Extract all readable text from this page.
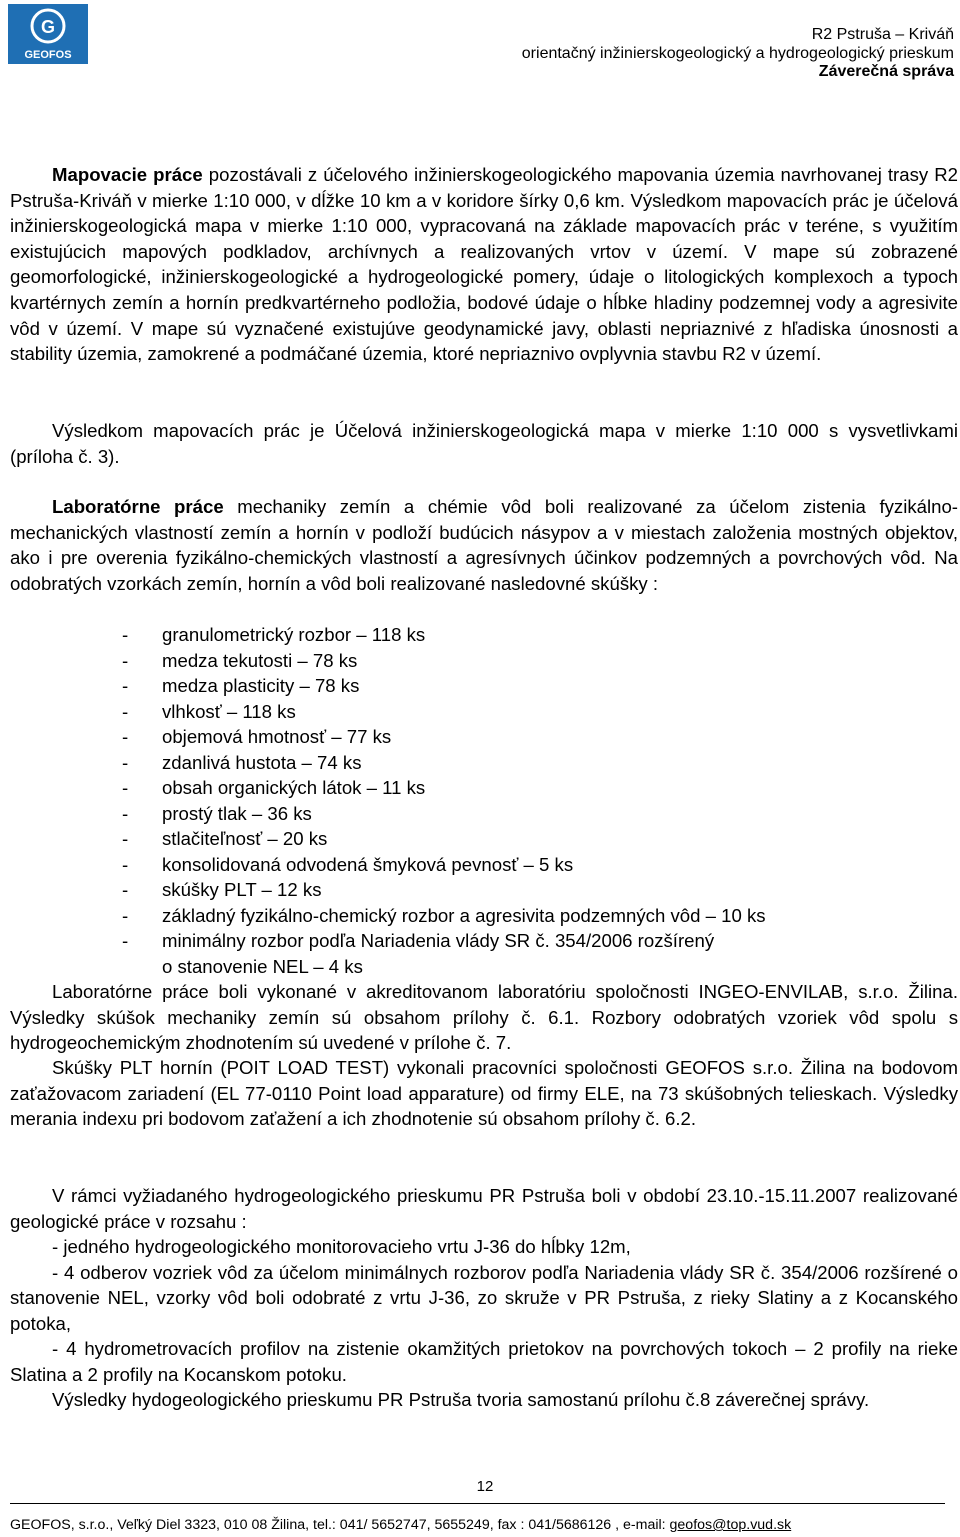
G
GEOFOS
R2 Pstruša – Kriváň
orientačný inžinierskogeologický a hydrogeologický prieskum
Záverečná správa
Mapovacie práce pozostávali z účelového inžinierskogeologického mapovania územia navrhovanej trasy R2 Pstruša-Kriváň v mierke 1:10 000, v dĺžke 10 km a v koridore šírky 0,6 km. Výsledkom mapovacích prác je účelová inžinierskogeologická mapa v mierke 1:10 000, vypracovaná na základe mapovacích prác v teréne, s využitím existujúcich mapových podkladov, archívnych a realizovaných vrtov v území. V mape sú zobrazené geomorfologické, inžinierskogeologické a hydrogeologické pomery, údaje o litologických komplexoch a typoch kvartérnych zemín a hornín predkvartérneho podložia, bodové údaje o hĺbke hladiny podzemnej vody a agresivite vôd v území. V mape sú vyznačené existujúve geodynamické javy, oblasti nepriaznivé z hľadiska únosnosti a stability územia, zamokrené a podmáčané územia, ktoré nepriaznivo ovplyvnia stavbu R2 v území.
Výsledkom mapovacích prác je Účelová inžinierskogeologická mapa v mierke 1:10 000 s vysvetlivkami (príloha č. 3).
Laboratórne práce mechaniky zemín a chémie vôd boli realizované za účelom zistenia fyzikálno-mechanických vlastností zemín a hornín v podloží budúcich násypov a v miestach založenia mostných objektov, ako i pre overenia fyzikálno-chemických vlastností a agresívnych účinkov podzemných a povrchových vôd. Na odobratých vzorkách zemín, hornín a vôd boli realizované nasledovné skúšky :
- granulometrický rozbor – 118 ks
- medza tekutosti – 78 ks
- medza plasticity – 78 ks
- vlhkosť – 118 ks
- objemová hmotnosť – 77 ks
- zdanlivá hustota – 74 ks
- obsah organických látok – 11 ks
- prostý tlak – 36 ks
- stlačiteľnosť – 20 ks
- konsolidovaná odvodená šmyková pevnosť – 5 ks
- skúšky PLT – 12 ks
- základný fyzikálno-chemický rozbor a agresivita podzemných vôd – 10 ks
- minimálny rozbor podľa Nariadenia vlády SR č. 354/2006 rozšírený
o stanovenie NEL – 4 ks
Laboratórne práce boli vykonané v akreditovanom laboratóriu spoločnosti INGEO-ENVILAB, s.r.o. Žilina. Výsledky skúšok mechaniky zemín sú obsahom prílohy č. 6.1. Rozbory odobratých vzoriek vôd spolu s hydrogeochemickým zhodnotením sú uvedené v prílohe č. 7.
Skúšky PLT hornín (POIT LOAD TEST) vykonali pracovníci spoločnosti GEOFOS s.r.o. Žilina na bodovom zaťažovacom zariadení (EL 77-0110 Point load apparature) od firmy ELE, na 73 skúšobných telieskach. Výsledky merania indexu pri bodovom zaťažení a ich zhodnotenie sú obsahom prílohy č. 6.2.
V rámci vyžiadaného hydrogeologického prieskumu PR Pstruša boli v období 23.10.-15.11.2007 realizované geologické práce v rozsahu :
- jedného hydrogeologického monitorovacieho vrtu J-36 do hĺbky 12m,
- 4 odberov vozriek vôd za účelom minimálnych rozborov podľa Nariadenia vlády SR č. 354/2006 rozšírené o stanovenie NEL, vzorky vôd boli odobraté z vrtu J-36, zo skruže v PR Pstruša, z rieky Slatiny a z Kocanského potoka,
- 4 hydrometrovacích profilov na zistenie okamžitých prietokov na povrchových tokoch – 2 profily na rieke Slatina a 2 profily na Kocanskom potoku.
Výsledky hydogeologického prieskumu PR Pstruša tvoria samostanú prílohu č.8 záverečnej správy.
12
GEOFOS, s.r.o., Veľký Diel 3323, 010 08 Žilina, tel.: 041/ 5652747, 5655249, fax : 041/5686126 , e-mail: geofos@top.vud.sk
